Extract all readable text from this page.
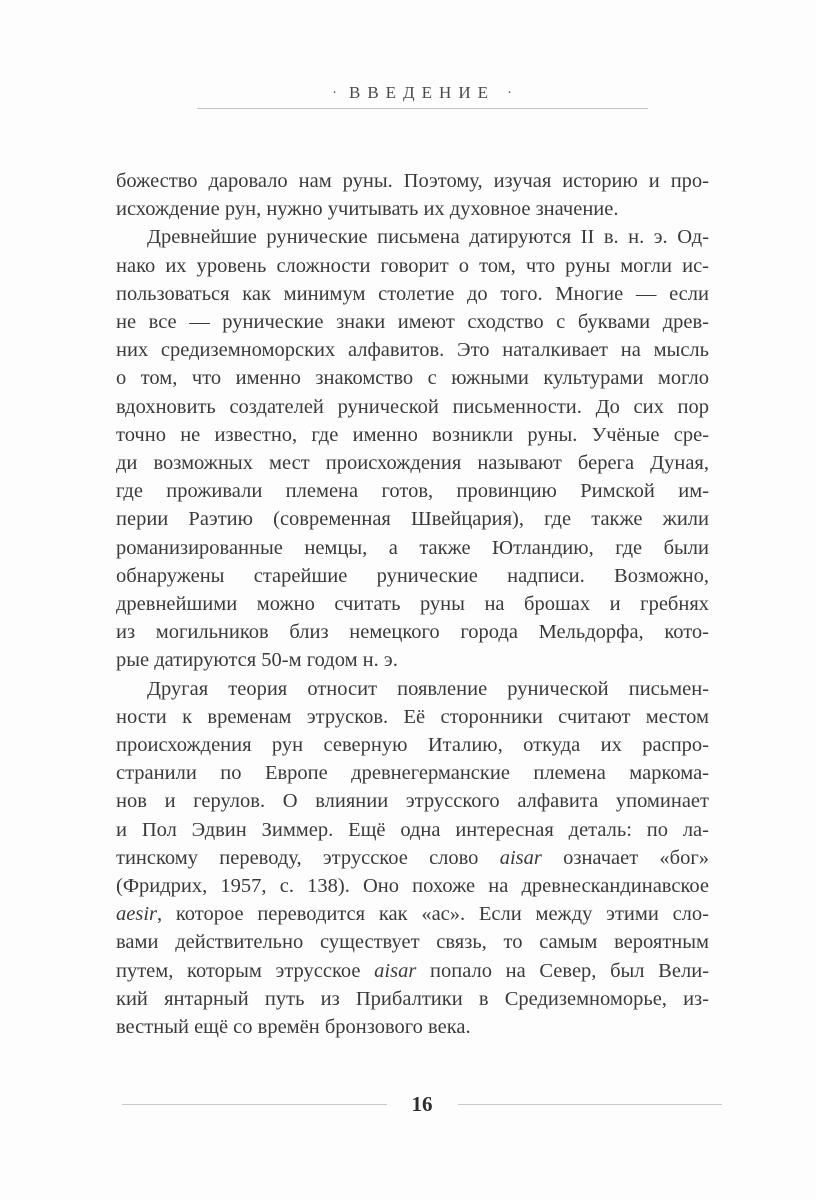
· ВВЕДЕНИЕ ·
божество даровало нам руны. Поэтому, изучая историю и про-
исхождение рун, нужно учитывать их духовное значение.
Древнейшие рунические письмена датируются II в. н. э. Од-
нако их уровень сложности говорит о том, что руны могли ис-
пользоваться как минимум столетие до того. Многие — если
не все — рунические знаки имеют сходство с буквами древ-
них средиземноморских алфавитов. Это наталкивает на мысль
о том, что именно знакомство с южными культурами могло
вдохновить создателей рунической письменности. До сих пор
точно не известно, где именно возникли руны. Учёные сре-
ди возможных мест происхождения называют берега Дуная,
где проживали племена готов, провинцию Римской им-
перии Раэтию (современная Швейцария), где также жили
романизированные немцы, а также Ютландию, где были
обнаружены старейшие рунические надписи. Возможно,
древнейшими можно считать руны на брошах и гребнях
из могильников близ немецкого города Мельдорфа, кото-
рые датируются 50-м годом н. э.
Другая теория относит появление рунической письмен-
ности к временам этрусков. Её сторонники считают местом
происхождения рун северную Италию, откуда их распро-
странили по Европе древнегерманские племена маркома-
нов и герулов. О влиянии этрусского алфавита упоминает
и Пол Эдвин Зиммер. Ещё одна интересная деталь: по ла-
тинскому переводу, этрусское слово aisar означает «бог»
(Фридрих, 1957, с. 138). Оно похоже на древнескандинавское
aesir, которое переводится как «ас». Если между этими сло-
вами действительно существует связь, то самым вероятным
путем, которым этрусское aisar попало на Север, был Вели-
кий янтарный путь из Прибалтики в Средиземноморье, из-
вестный ещё со времён бронзового века.
16
